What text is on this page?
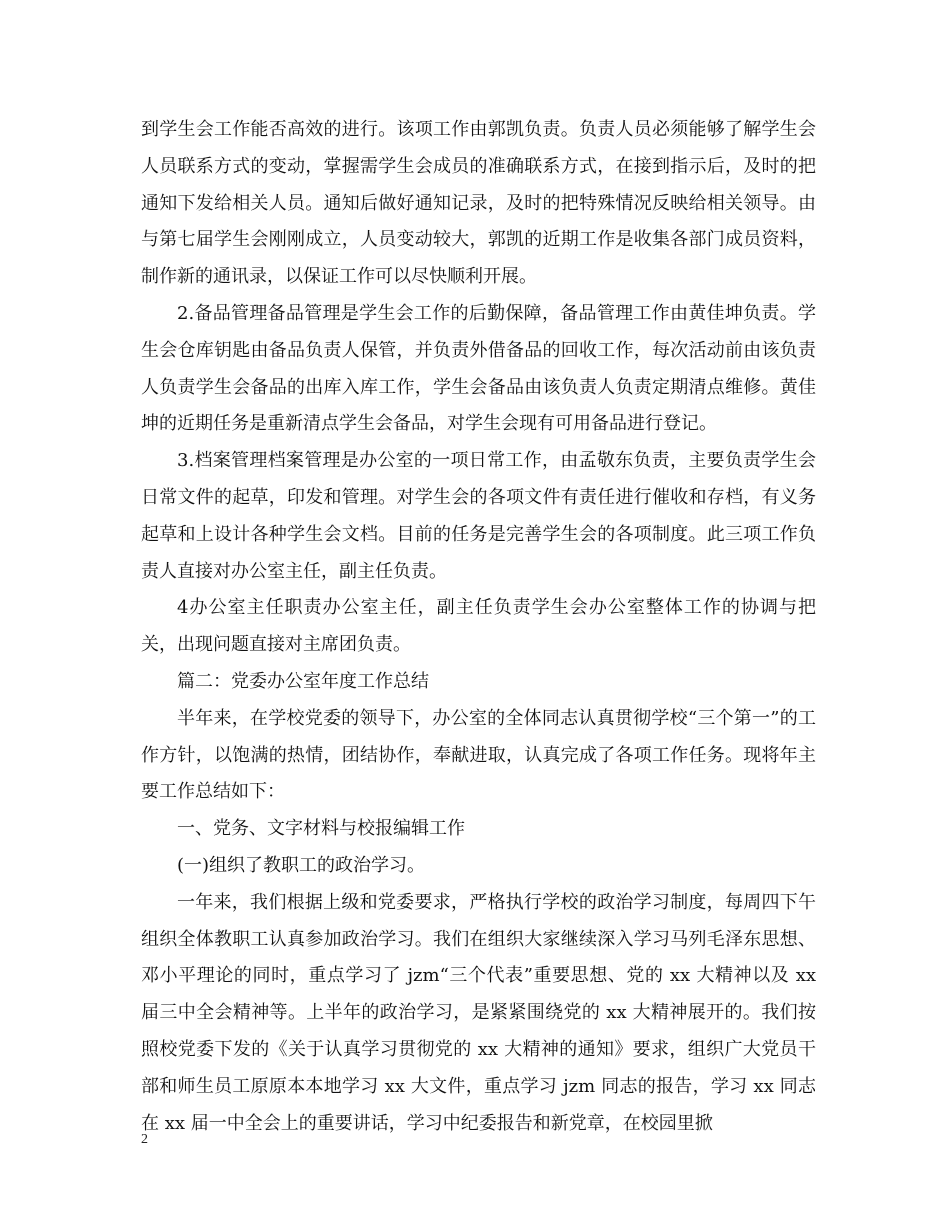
到学生会工作能否高效的进行。该项工作由郭凯负责。负责人员必须能够了解学生会人员联系方式的变动，掌握需学生会成员的准确联系方式，在接到指示后，及时的把通知下发给相关人员。通知后做好通知记录，及时的把特殊情况反映给相关领导。由与第七届学生会刚刚成立，人员变动较大，郭凯的近期工作是收集各部门成员资料，制作新的通讯录，以保证工作可以尽快顺利开展。

2.备品管理备品管理是学生会工作的后勤保障，备品管理工作由黄佳坤负责。学生会仓库钥匙由备品负责人保管，并负责外借备品的回收工作，每次活动前由该负责人负责学生会备品的出库入库工作，学生会备品由该负责人负责定期清点维修。黄佳坤的近期任务是重新清点学生会备品，对学生会现有可用备品进行登记。

3.档案管理档案管理是办公室的一项日常工作，由孟敬东负责，主要负责学生会日常文件的起草，印发和管理。对学生会的各项文件有责任进行催收和存档，有义务起草和上设计各种学生会文档。目前的任务是完善学生会的各项制度。此三项工作负责人直接对办公室主任，副主任负责。

4办公室主任职责办公室主任，副主任负责学生会办公室整体工作的协调与把关，出现问题直接对主席团负责。

篇二：党委办公室年度工作总结

半年来，在学校党委的领导下，办公室的全体同志认真贯彻学校“三个第一”的工作方针，以饱满的热情，团结协作，奉献进取，认真完成了各项工作任务。现将年主要工作总结如下：

一、党务、文字材料与校报编辑工作

(一)组织了教职工的政治学习。

一年来，我们根据上级和党委要求，严格执行学校的政治学习制度，每周四下午组织全体教职工认真参加政治学习。我们在组织大家继续深入学习马列毛泽东思想、邓小平理论的同时，重点学习了 jzm“三个代表”重要思想、党的 xx 大精神以及 xx 届三中全会精神等。上半年的政治学习，是紧紧围绕党的 xx 大精神展开的。我们按照校党委下发的《关于认真学习贯彻党的 xx 大精神的通知》要求，组织广大党员干部和师生员工原原本本地学习 xx 大文件，重点学习 jzm 同志的报告，学习 xx 同志在 xx 届一中全会上的重要讲话，学习中纪委报告和新党章，在校园里掀

2
